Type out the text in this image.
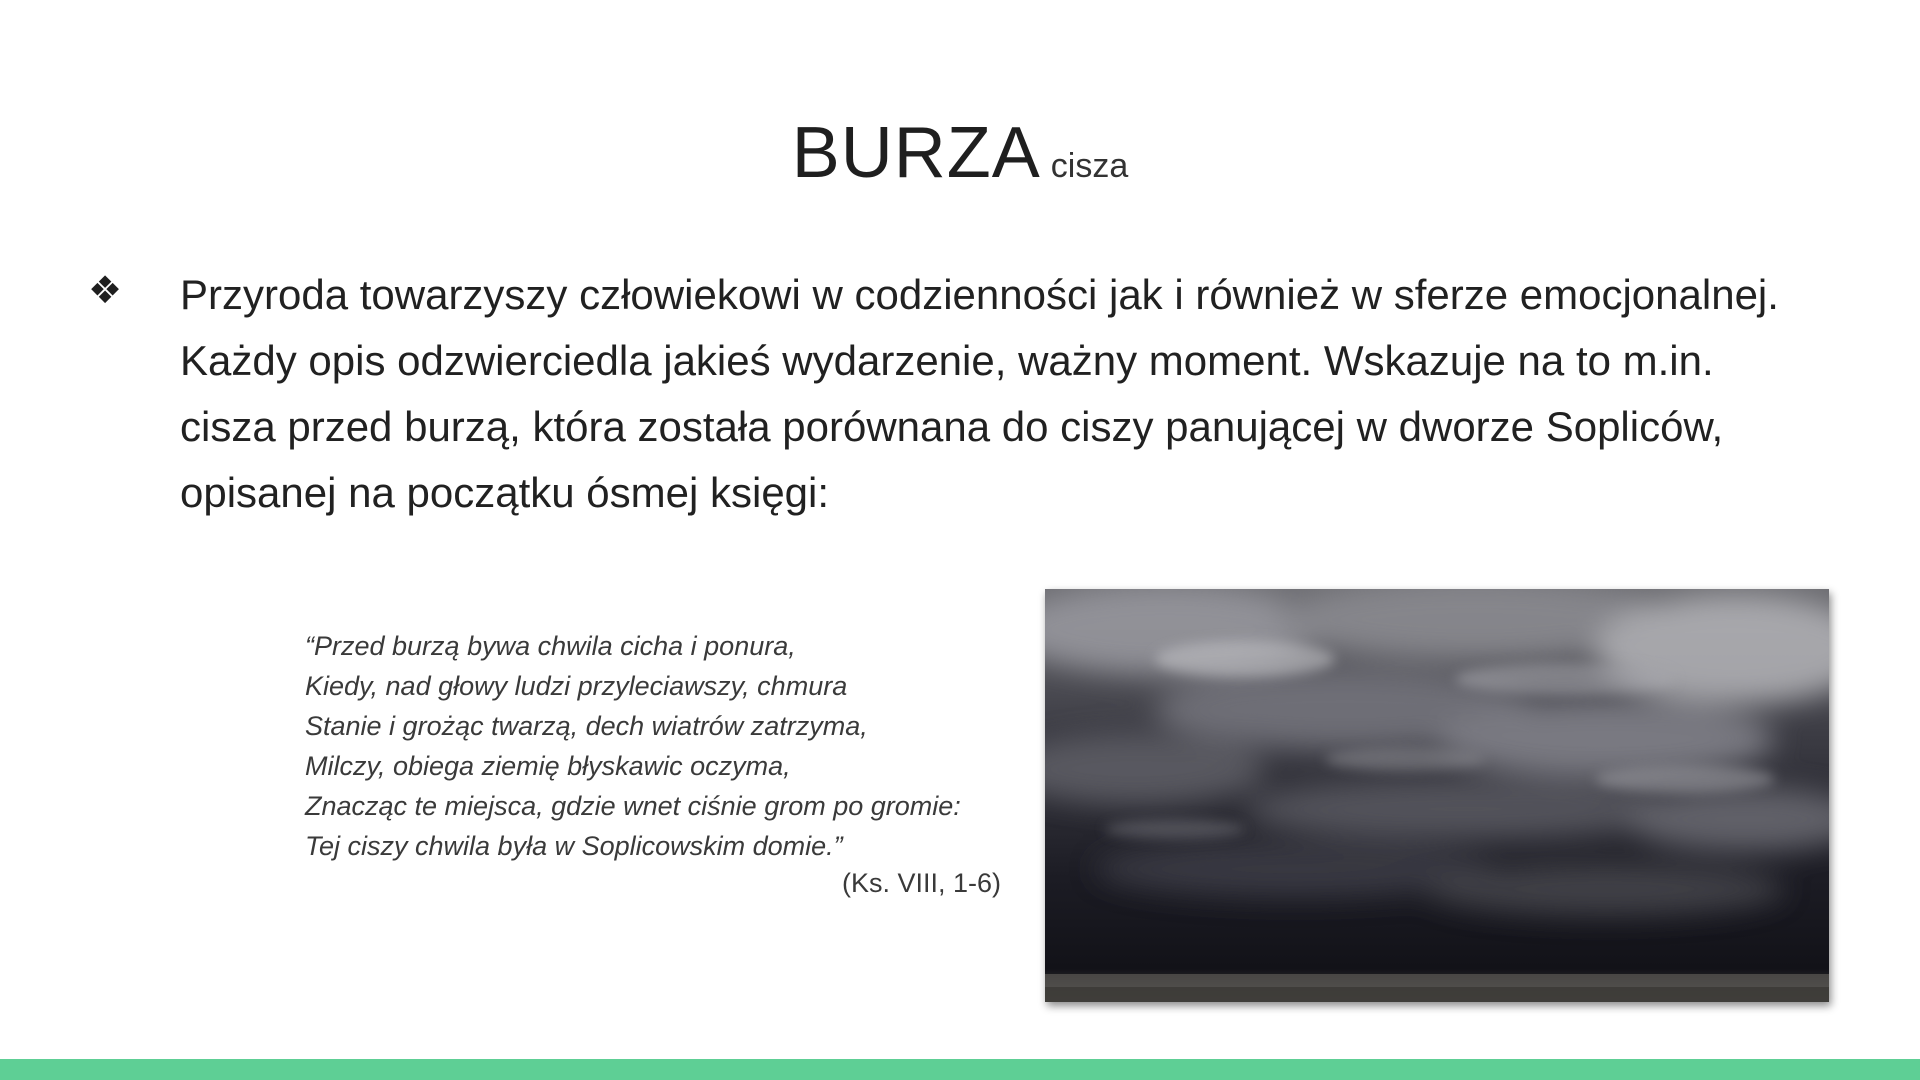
BURZA cisza
❖ Przyroda towarzyszy człowiekowi w codzienności jak i również w sferze emocjonalnej. Każdy opis odzwierciedla jakieś wydarzenie, ważny moment. Wskazuje na to m.in. cisza przed burzą, która została porównana do ciszy panującej w dworze Sopliców, opisanej na początku ósmej księgi:
“Przed burzą bywa chwila cicha i ponura,
Kiedy, nad głowy ludzi przyleciawszy, chmura
Stanie i grożąc twarzą, dech wiatrów zatrzyma,
Milczy, obiega ziemię błyskawic oczyma,
Znacząc te miejsca, gdzie wnet ciśnie grom po gromie:
Tej ciszy chwila była w Soplicowskim domie.”
(Ks. VIII, 1-6)
